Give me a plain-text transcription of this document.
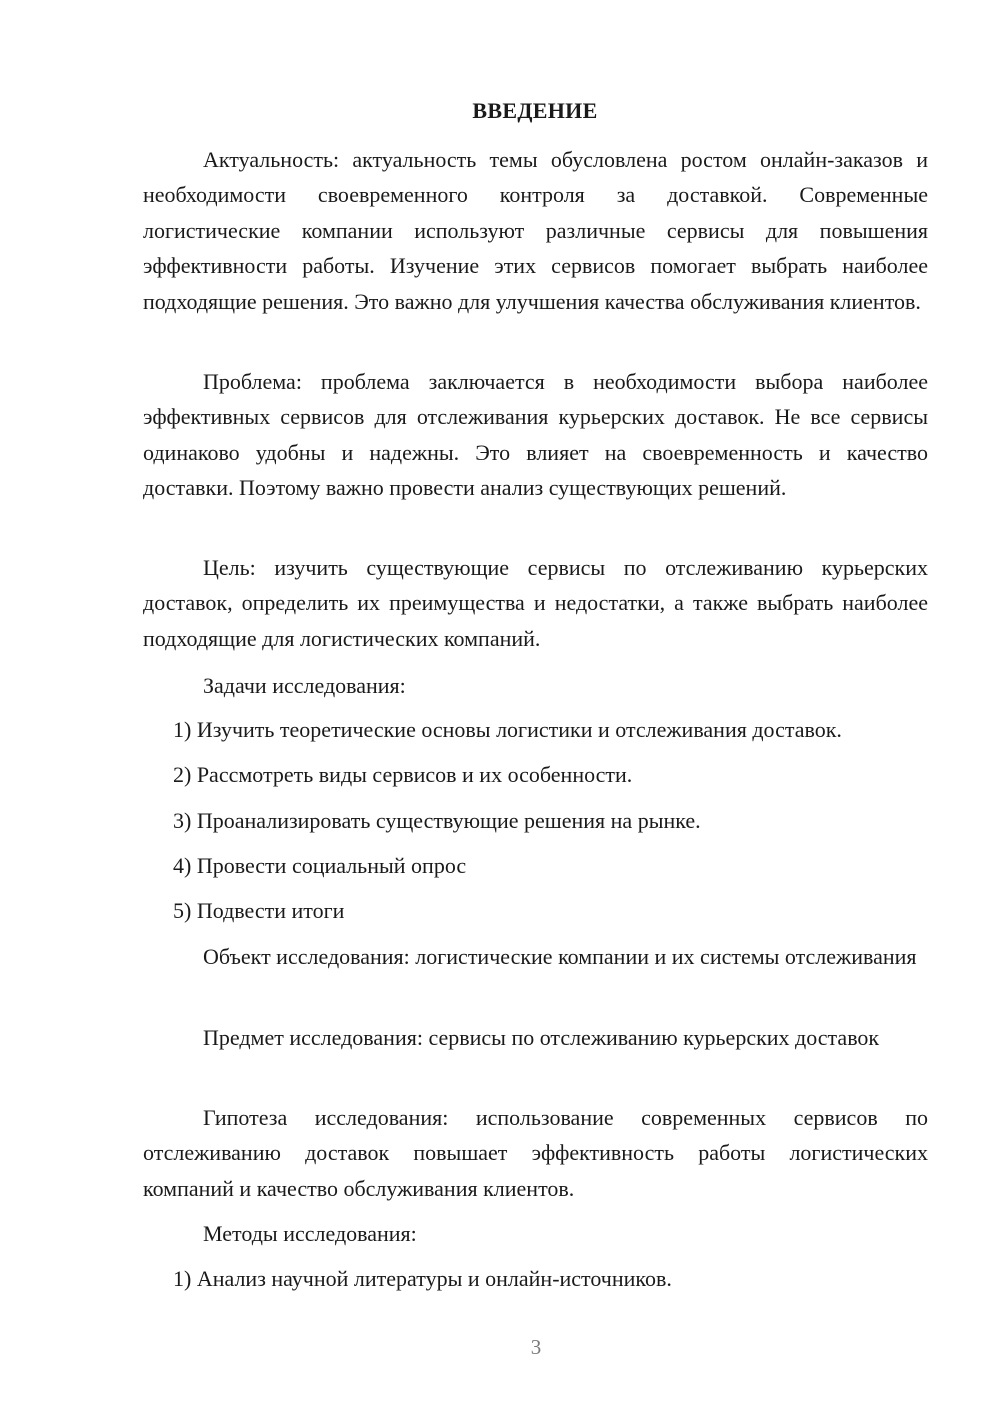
ВВЕДЕНИЕ

Актуальность: актуальность темы обусловлена ростом онлайн-заказов и необходимости своевременного контроля за доставкой. Современные логистические компании используют различные сервисы для повышения эффективности работы. Изучение этих сервисов помогает выбрать наиболее подходящие решения. Это важно для улучшения качества обслуживания клиентов.

Проблема: проблема заключается в необходимости выбора наиболее эффективных сервисов для отслеживания курьерских доставок. Не все сервисы одинаково удобны и надежны. Это влияет на своевременность и качество доставки. Поэтому важно провести анализ существующих решений.

Цель: изучить существующие сервисы по отслеживанию курьерских доставок, определить их преимущества и недостатки, а также выбрать наиболее подходящие для логистических компаний.

Задачи исследования:

1) Изучить теоретические основы логистики и отслеживания доставок.

2) Рассмотреть виды сервисов и их особенности.

3) Проанализировать существующие решения на рынке.

4) Провести социальный опрос

5) Подвести итоги

Объект исследования: логистические компании и их системы отслеживания

Предмет исследования: сервисы по отслеживанию курьерских доставок

Гипотеза исследования: использование современных сервисов по отслеживанию доставок повышает эффективность работы логистических компаний и качество обслуживания клиентов.

Методы исследования:

1) Анализ научной литературы и онлайн-источников.

3
